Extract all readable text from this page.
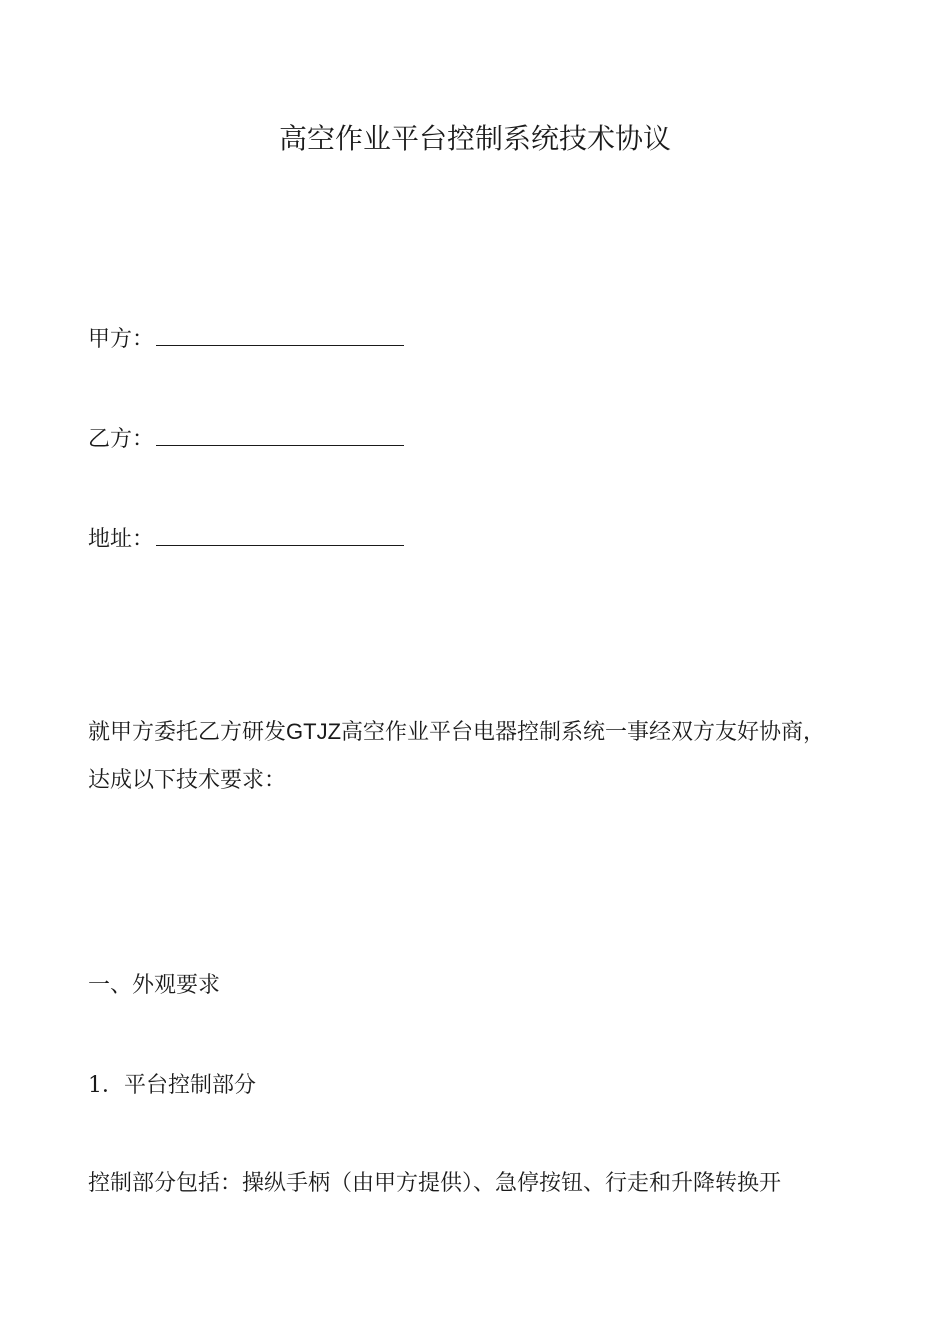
高空作业平台控制系统技术协议
甲方：
乙方：
地址：
就甲方委托乙方研发GTJZ高空作业平台电器控制系统一事经双方友好协商，
达成以下技术要求：
一、外观要求
1．平台控制部分
控制部分包括：操纵手柄（由甲方提供）、急停按钮、行走和升降转换开
